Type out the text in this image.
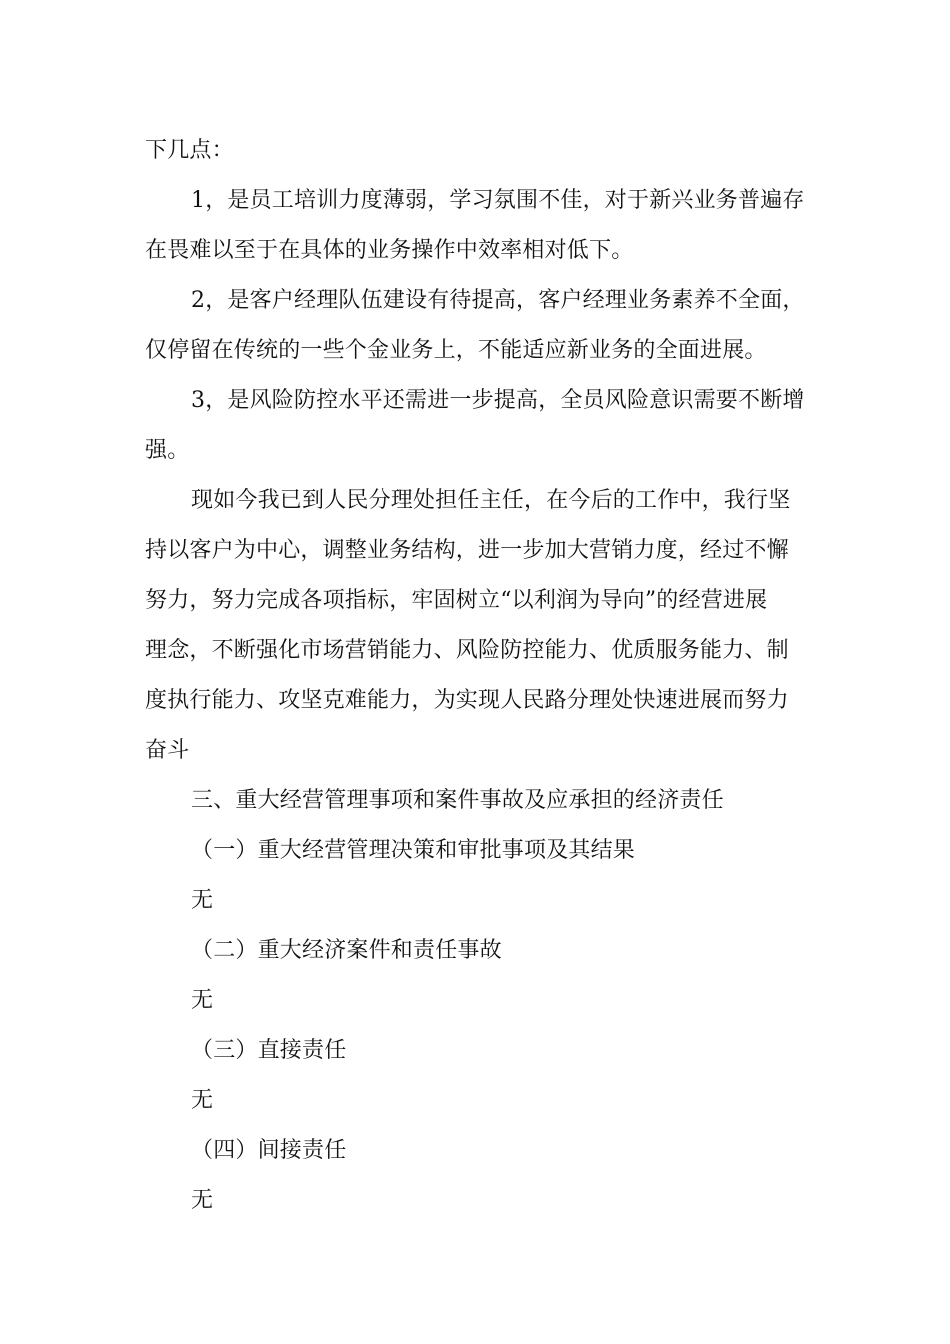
下几点：
1，是员工培训力度薄弱，学习氛围不佳，对于新兴业务普遍存
在畏难以至于在具体的业务操作中效率相对低下。
2，是客户经理队伍建设有待提高，客户经理业务素养不全面，
仅停留在传统的一些个金业务上，不能适应新业务的全面进展。
3，是风险防控水平还需进一步提高，全员风险意识需要不断增
强。
现如今我已到人民分理处担任主任，在今后的工作中，我行坚
持以客户为中心，调整业务结构，进一步加大营销力度，经过不懈
努力，努力完成各项指标，牢固树立“以利润为导向”的经营进展
理念，不断强化市场营销能力、风险防控能力、优质服务能力、制
度执行能力、攻坚克难能力，为实现人民路分理处快速进展而努力
奋斗
三、重大经营管理事项和案件事故及应承担的经济责任
（一）重大经营管理决策和审批事项及其结果
无
（二）重大经济案件和责任事故
无
（三）直接责任
无
（四）间接责任
无
